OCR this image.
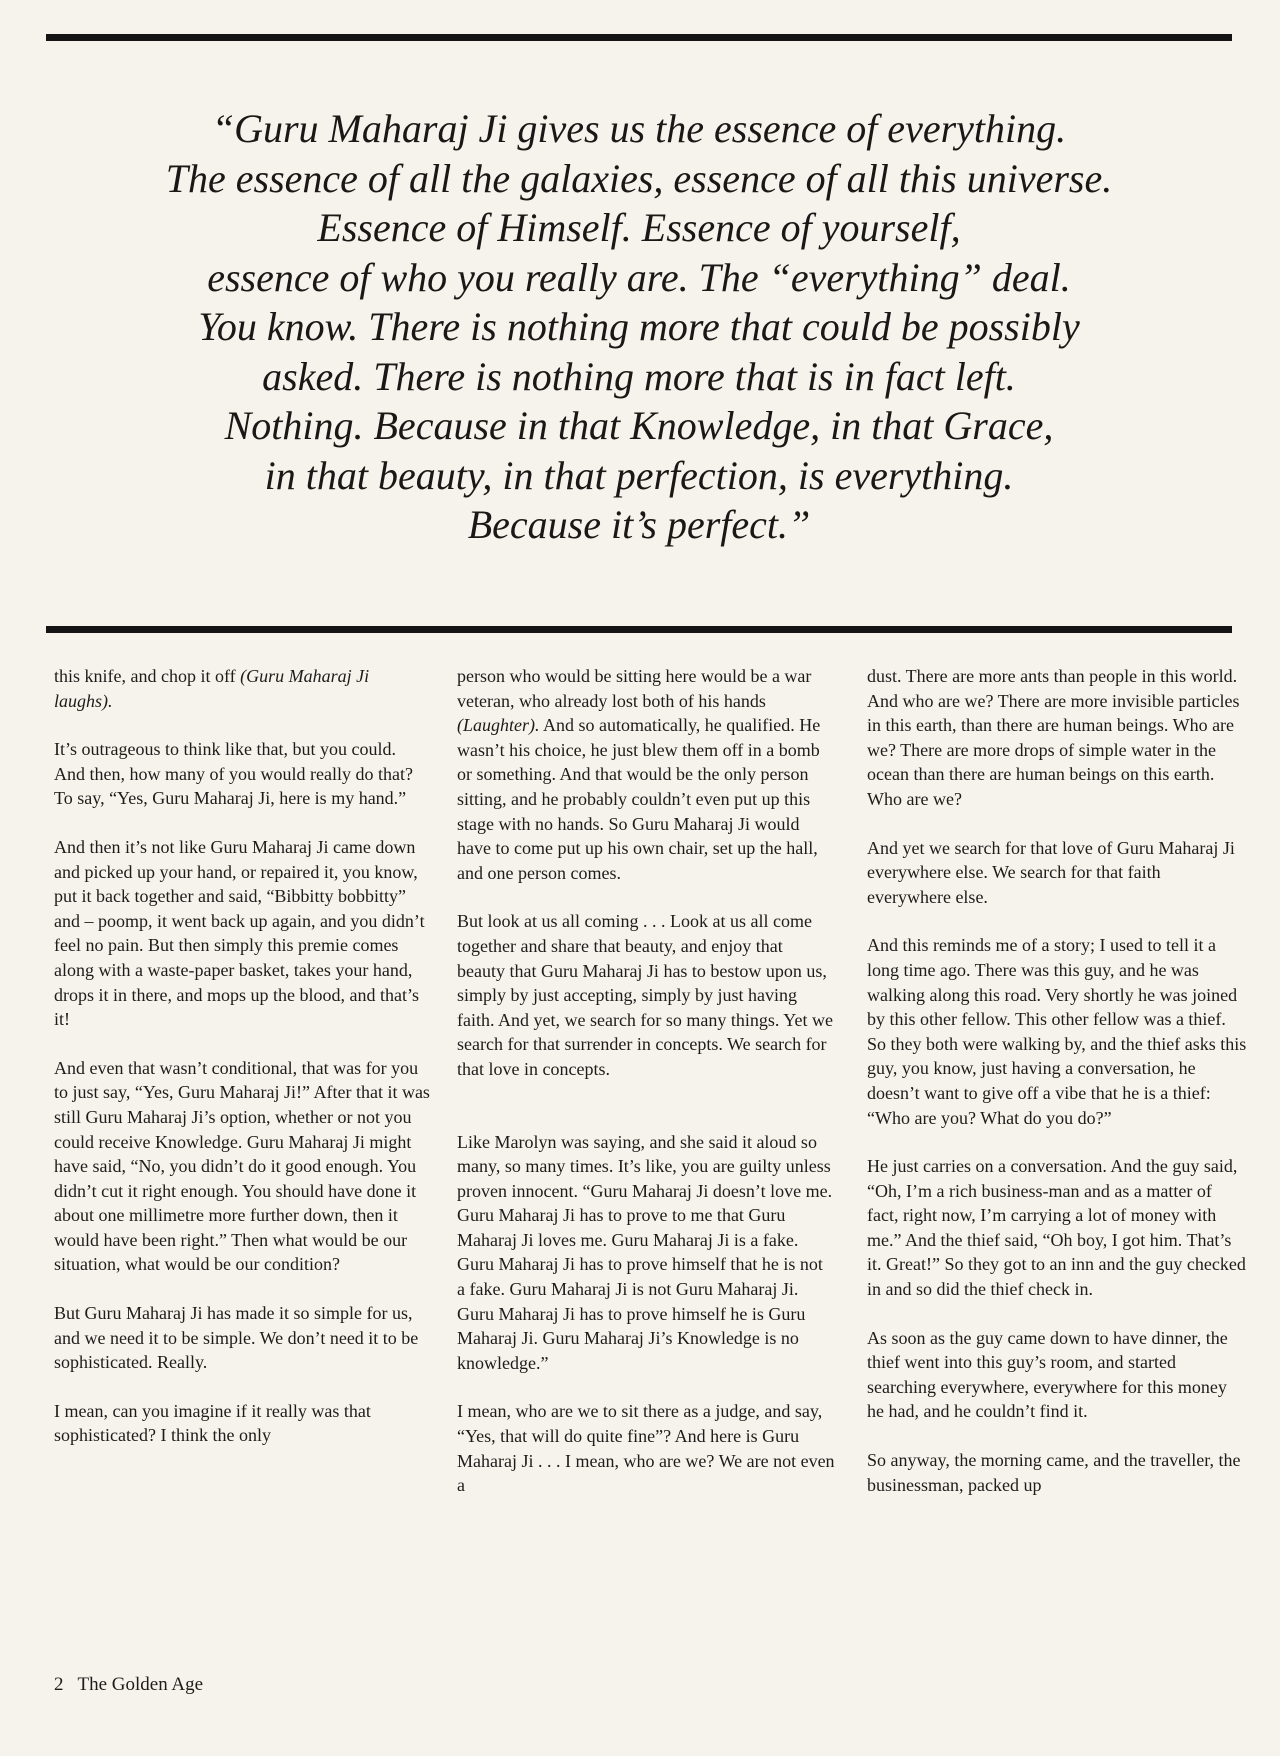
“Guru Maharaj Ji gives us the essence of everything.
The essence of all the galaxies, essence of all this universe.
Essence of Himself. Essence of yourself,
essence of who you really are. The “everything” deal.
You know. There is nothing more that could be possibly
asked. There is nothing more that is in fact left.
Nothing. Because in that Knowledge, in that Grace,
in that beauty, in that perfection, is everything.
Because it’s perfect.”

this knife, and chop it off (Guru Maharaj Ji laughs).

It’s outrageous to think like that, but you could. And then, how many of you would really do that? To say, “Yes, Guru Maharaj Ji, here is my hand.”

And then it’s not like Guru Maharaj Ji came down and picked up your hand, or repaired it, you know, put it back together and said, “Bibbitty bobbitty” and – poomp, it went back up again, and you didn’t feel no pain. But then simply this premie comes along with a waste-paper basket, takes your hand, drops it in there, and mops up the blood, and that’s it!

And even that wasn’t conditional, that was for you to just say, “Yes, Guru Maharaj Ji!” After that it was still Guru Maharaj Ji’s option, whether or not you could receive Knowledge. Guru Maharaj Ji might have said, “No, you didn’t do it good enough. You didn’t cut it right enough. You should have done it about one millimetre more further down, then it would have been right.” Then what would be our situation, what would be our condition?

But Guru Maharaj Ji has made it so simple for us, and we need it to be simple. We don’t need it to be sophisticated. Really.

I mean, can you imagine if it really was that sophisticated? I think the only

person who would be sitting here would be a war veteran, who already lost both of his hands (Laughter). And so automatically, he qualified. He wasn’t his choice, he just blew them off in a bomb or something. And that would be the only person sitting, and he probably couldn’t even put up this stage with no hands. So Guru Maharaj Ji would have to come put up his own chair, set up the hall, and one person comes.

But look at us all coming . . . Look at us all come together and share that beauty, and enjoy that beauty that Guru Maharaj Ji has to bestow upon us, simply by just accepting, simply by just having faith. And yet, we search for so many things. Yet we search for that surrender in concepts. We search for that love in concepts.

Like Marolyn was saying, and she said it aloud so many, so many times. It’s like, you are guilty unless proven innocent. “Guru Maharaj Ji doesn’t love me. Guru Maharaj Ji has to prove to me that Guru Maharaj Ji loves me. Guru Maharaj Ji is a fake. Guru Maharaj Ji has to prove himself that he is not a fake. Guru Maharaj Ji is not Guru Maharaj Ji. Guru Maharaj Ji has to prove himself he is Guru Maharaj Ji. Guru Maharaj Ji’s Knowledge is no knowledge.”

I mean, who are we to sit there as a judge, and say, “Yes, that will do quite fine”? And here is Guru Maharaj Ji . . . I mean, who are we? We are not even a

dust. There are more ants than people in this world. And who are we? There are more invisible particles in this earth, than there are human beings. Who are we? There are more drops of simple water in the ocean than there are human beings on this earth. Who are we?

And yet we search for that love of Guru Maharaj Ji everywhere else. We search for that faith everywhere else.

And this reminds me of a story; I used to tell it a long time ago. There was this guy, and he was walking along this road. Very shortly he was joined by this other fellow. This other fellow was a thief. So they both were walking by, and the thief asks this guy, you know, just having a conversation, he doesn’t want to give off a vibe that he is a thief: “Who are you? What do you do?”

He just carries on a conversation. And the guy said, “Oh, I’m a rich business-man and as a matter of fact, right now, I’m carrying a lot of money with me.” And the thief said, “Oh boy, I got him. That’s it. Great!” So they got to an inn and the guy checked in and so did the thief check in.

As soon as the guy came down to have dinner, the thief went into this guy’s room, and started searching everywhere, everywhere for this money he had, and he couldn’t find it.

So anyway, the morning came, and the traveller, the businessman, packed up

2 The Golden Age
